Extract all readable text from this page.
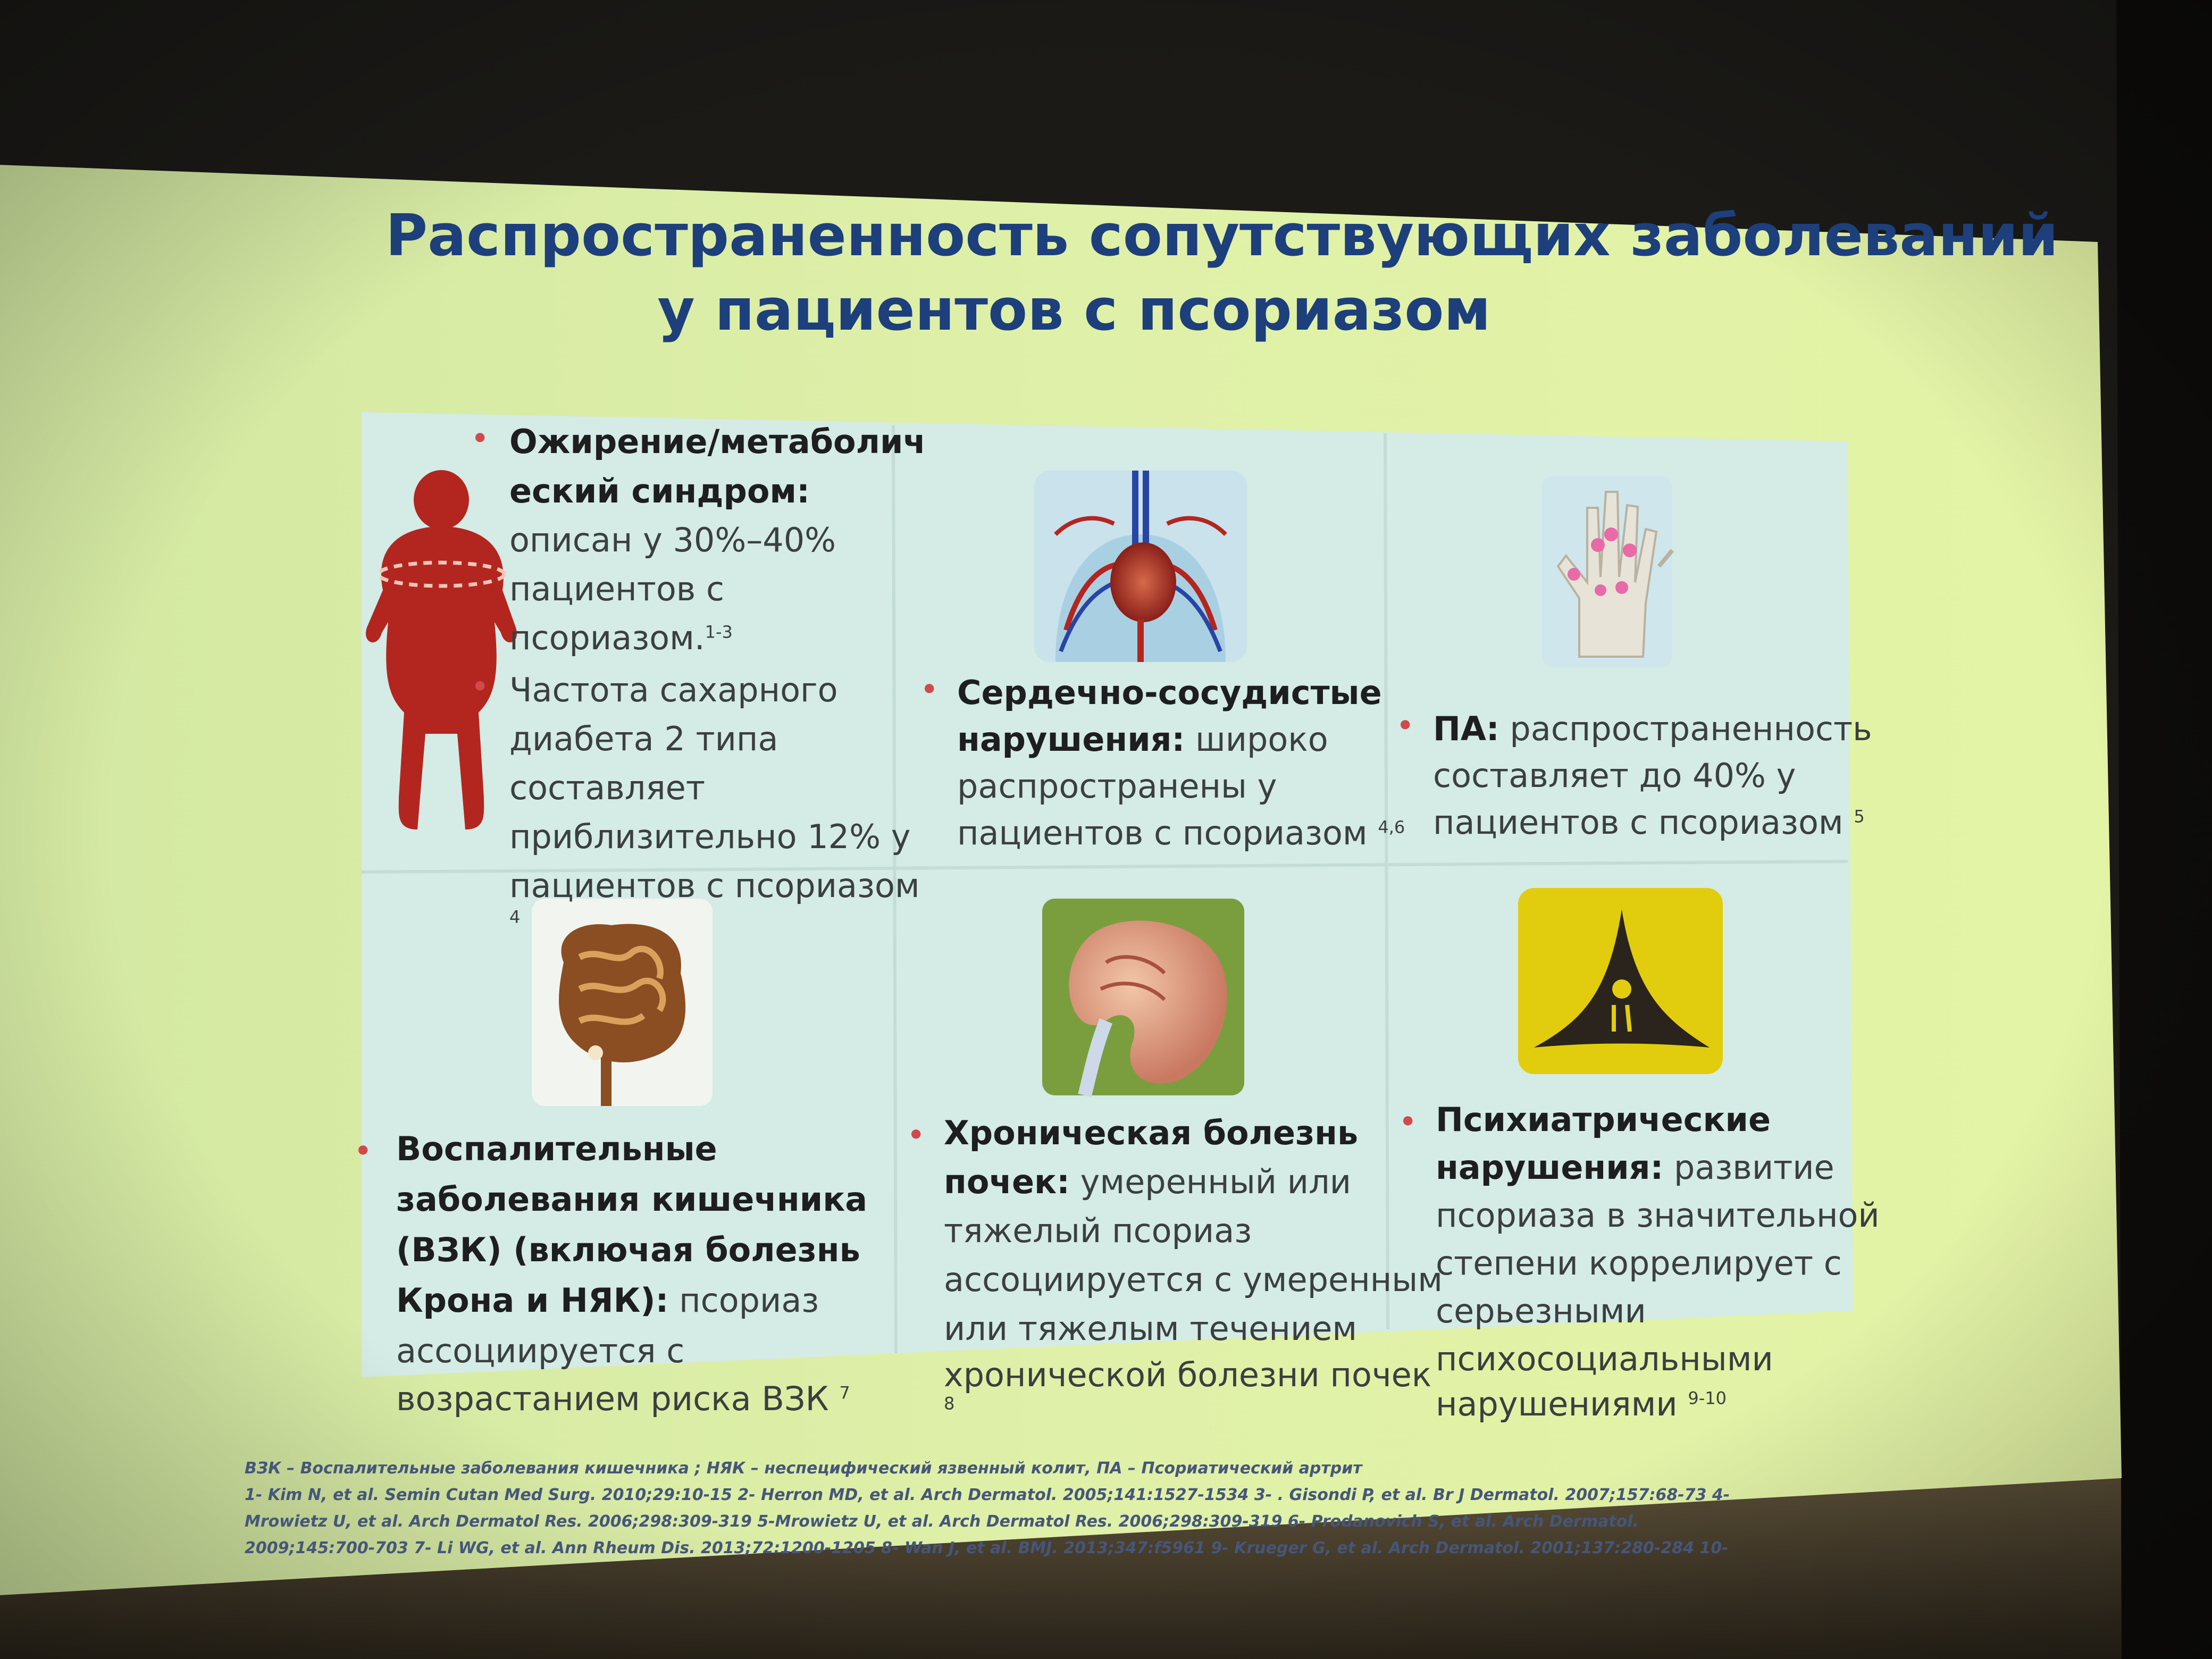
Распространенность сопутствующих заболеваний

у пациентов с псориазом

• Ожирение/метаболич

еский синдром:

описан у 30%–40%

пациентов с

псориазом.$^{1-3}$

• Частота сахарного

диабета 2 типа

составляет

приблизительно 12% у

пациентов с псориазом

$^4$

• Сердечно-сосудистые

нарушения: широко

распространены у

пациентов с псориазом $^{4,6}$

• ПА: распространенность

составляет до 40% у

пациентов с псориазом $^5$

• Воспалительные

заболевания кишечника

(ВЗК) (включая болезнь

Крона и НЯК): псориаз

ассоциируется с

возрастанием риска ВЗК $^7$

• Хроническая болезнь

почек: умеренный или

тяжелый псориаз

ассоциируется с умеренным

или тяжелым течением

хронической болезни почек

$^8$

• Психиатрические

нарушения: развитие

псориаза в значительной

степени коррелирует с

серьезными

психосоциальными

нарушениями $^{9-10}$

ВЗК – Воспалительные заболевания кишечника ; НЯК – неспецифический язвенный колит, ПА – Псориатический артрит

1- Kim N, et al. Semin Cutan Med Surg. 2010;29:10-15 2- Herron MD, et al. Arch Dermatol. 2005;141:1527-1534 3- . Gisondi P, et al. Br J Dermatol. 2007;157:68-73 4-

Mrowietz U, et al. Arch Dermatol Res. 2006;298:309-319 5-Mrowietz U, et al. Arch Dermatol Res. 2006;298:309-319 6- Prodanovich S, et al. Arch Dermatol.

2009;145:700-703 7- Li WG, et al. Ann Rheum Dis. 2013;72:1200-1205 8- Wan J, et al. BMJ. 2013;347:f5961 9- Krueger G, et al. Arch Dermatol. 2001;137:280-284 10-
